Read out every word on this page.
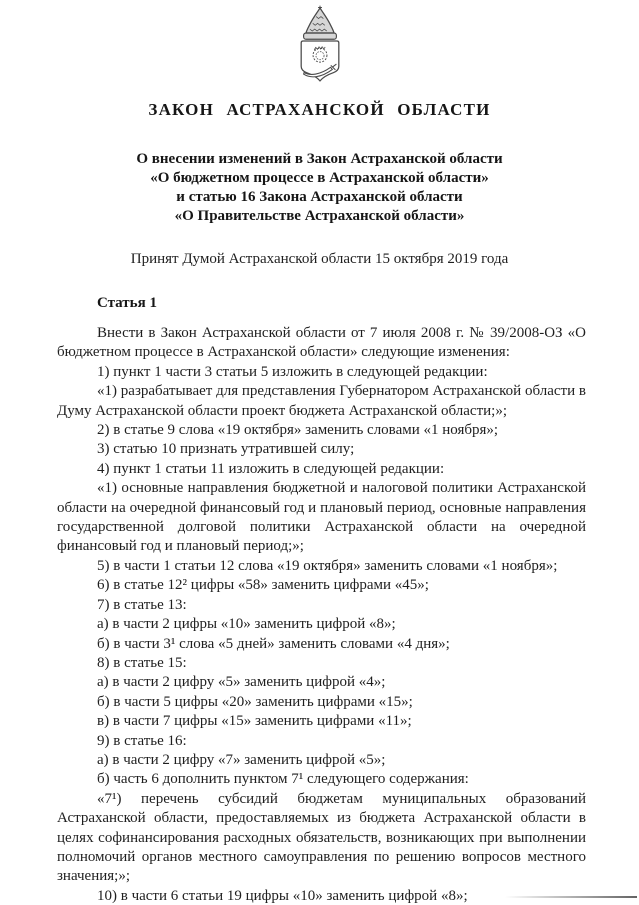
ЗАКОН АСТРАХАНСКОЙ ОБЛАСТИ
О внесении изменений в Закон Астраханской области
«О бюджетном процессе в Астраханской области»
и статью 16 Закона Астраханской области
«О Правительстве Астраханской области»
Принят Думой Астраханской области 15 октября 2019 года

Статья 1

Внести в Закон Астраханской области от 7 июля 2008 г. № 39/2008-ОЗ «О бюджетном процессе в Астраханской области» следующие изменения:

1) пункт 1 части 3 статьи 5 изложить в следующей редакции:

«1) разрабатывает для представления Губернатором Астраханской области в Думу Астраханской области проект бюджета Астраханской области;»;

2) в статье 9 слова «19 октября» заменить словами «1 ноября»;

3) статью 10 признать утратившей силу;

4) пункт 1 статьи 11 изложить в следующей редакции:

«1) основные направления бюджетной и налоговой политики Астраханской области на очередной финансовый год и плановый период, основные направления государственной долговой политики Астраханской области на очередной финансовый год и плановый период;»;

5) в части 1 статьи 12 слова «19 октября» заменить словами «1 ноября»;

6) в статье 12² цифры «58» заменить цифрами «45»;

7) в статье 13:

а) в части 2 цифры «10» заменить цифрой «8»;

б) в части 3¹ слова «5 дней» заменить словами «4 дня»;

8) в статье 15:

а) в части 2 цифру «5» заменить цифрой «4»;

б) в части 5 цифры «20» заменить цифрами «15»;

в) в части 7 цифры «15» заменить цифрами «11»;

9) в статье 16:

а) в части 2 цифру «7» заменить цифрой «5»;

б) часть 6 дополнить пунктом 7¹ следующего содержания:

«7¹) перечень субсидий бюджетам муниципальных образований Астраханской области, предоставляемых из бюджета Астраханской области в целях софинансирования расходных обязательств, возникающих при выполнении полномочий органов местного самоуправления по решению вопросов местного значения;»;

10) в части 6 статьи 19 цифры «10» заменить цифрой «8»;
